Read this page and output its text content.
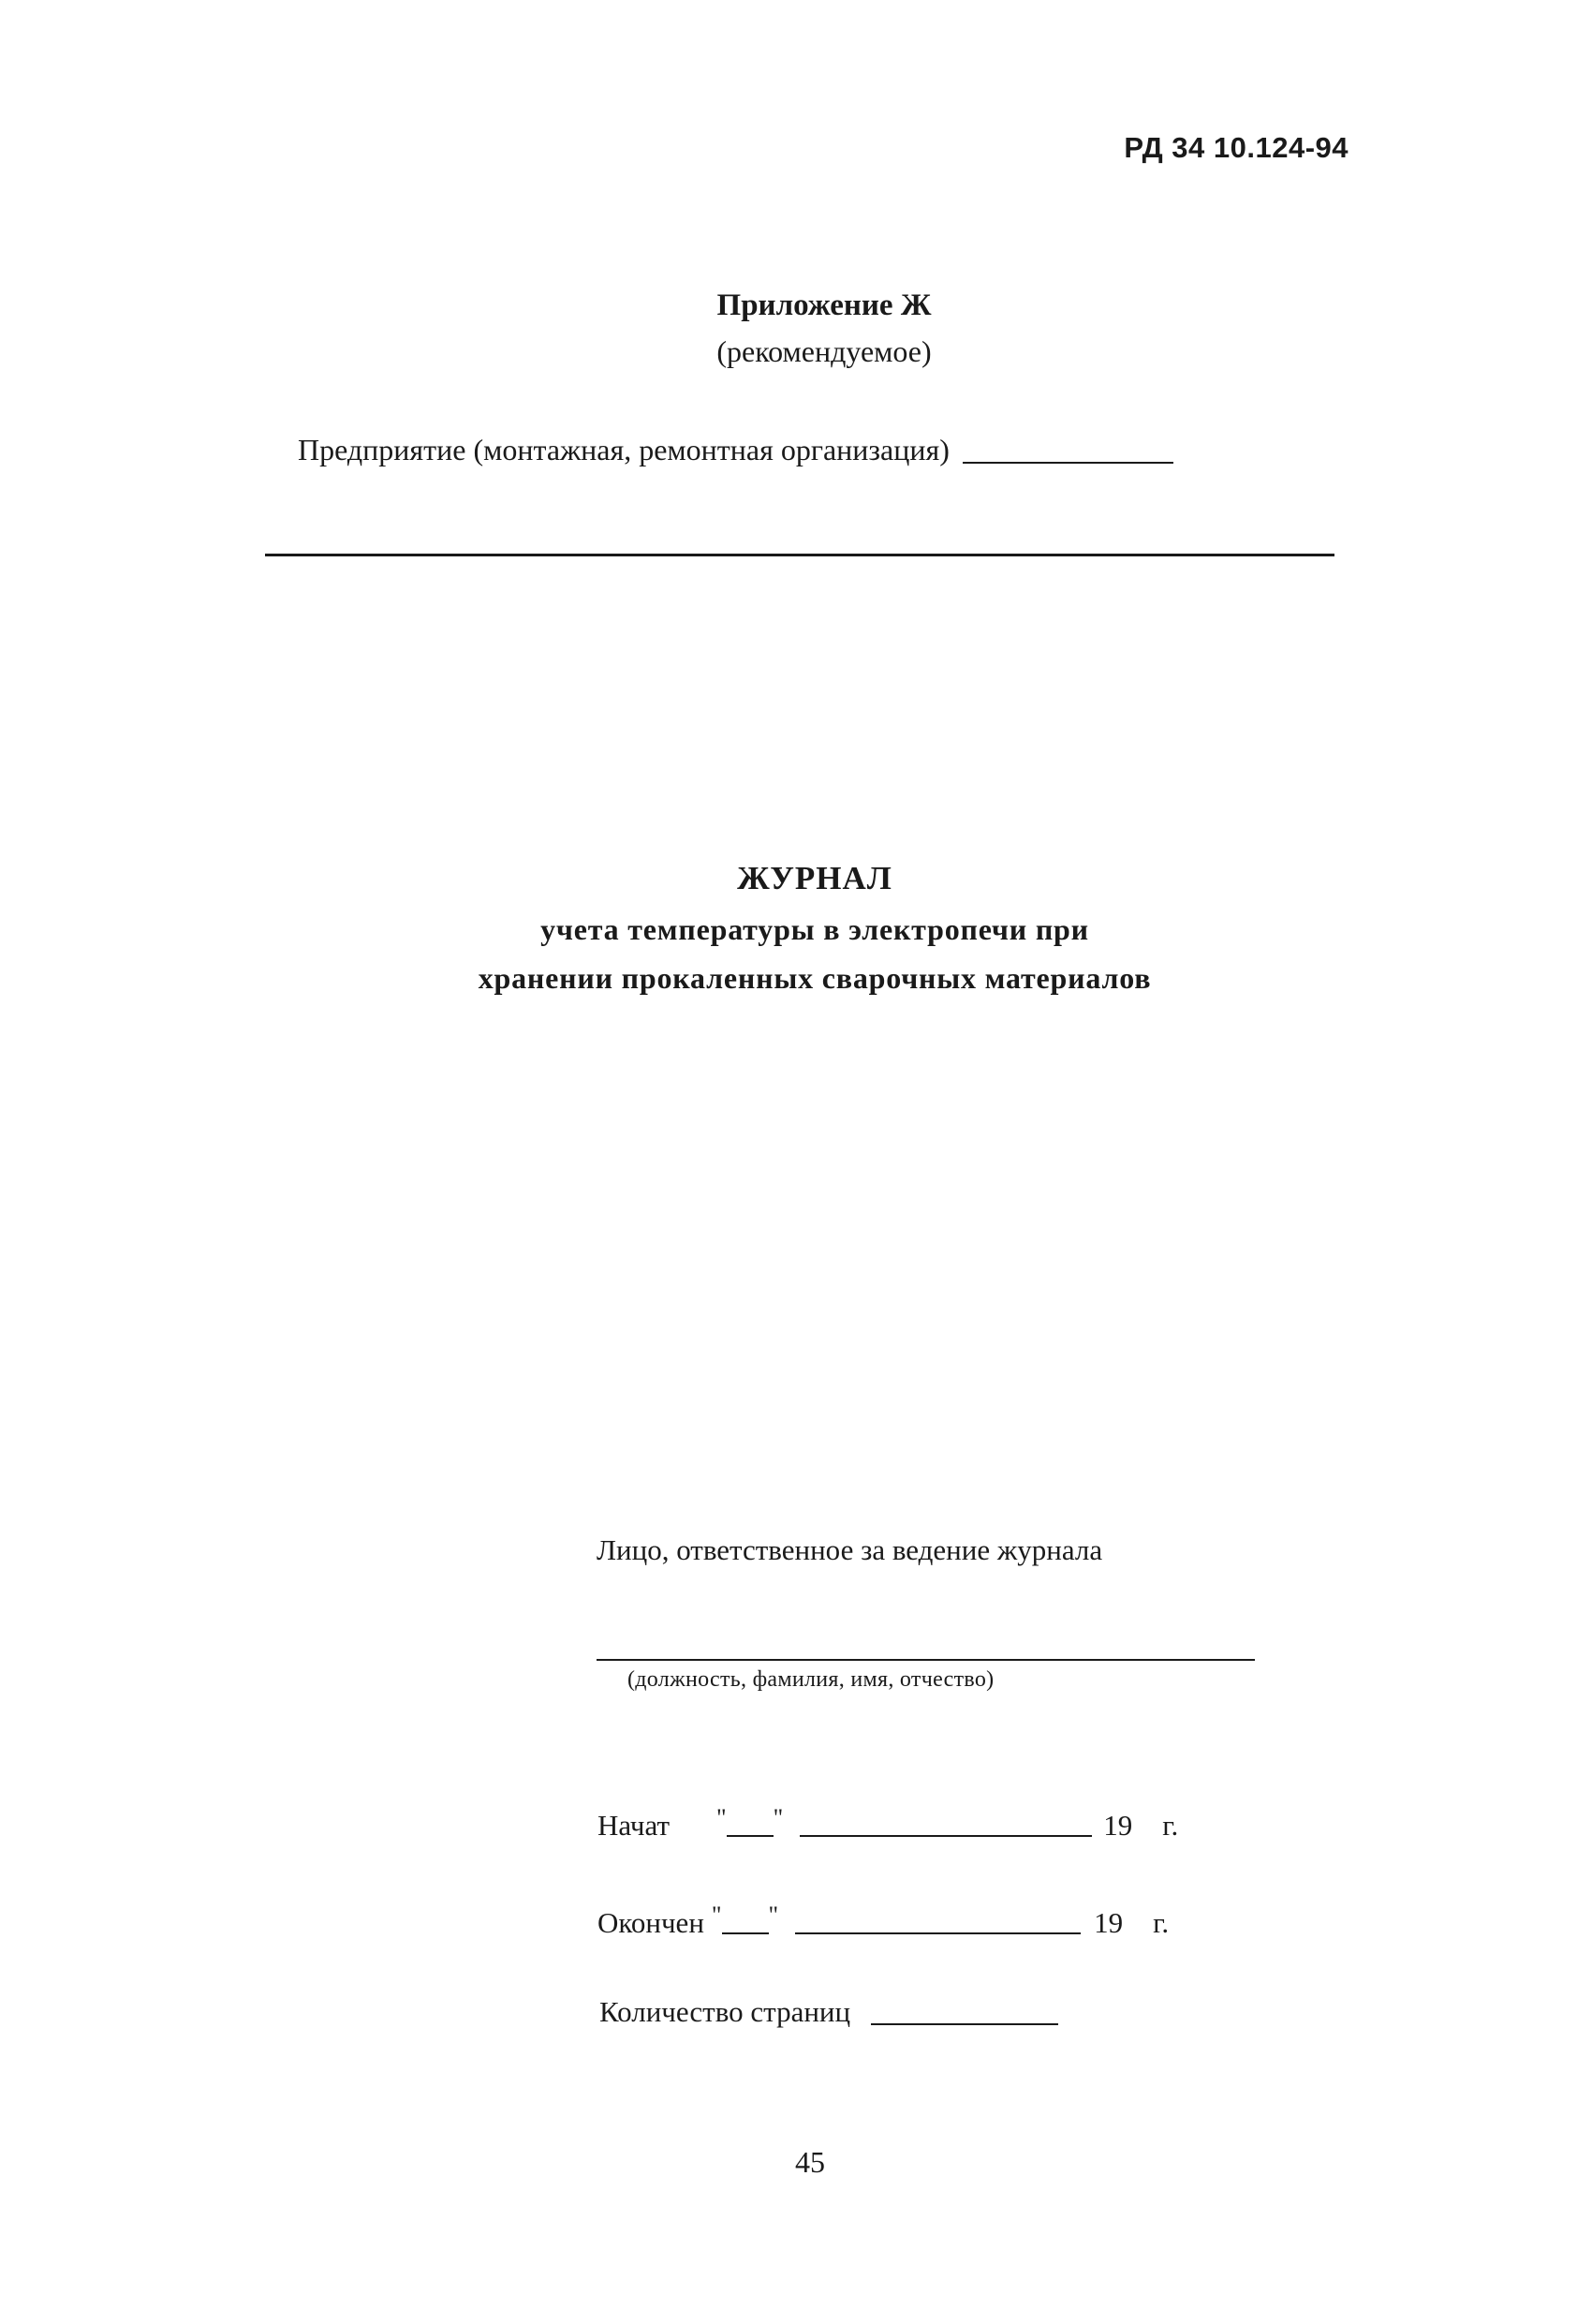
РД 34 10.124-94
Приложение Ж
(рекомендуемое)
Предприятие (монтажная, ремонтная организация)
ЖУРНАЛ
учета температуры в электропечи при
хранении прокаленных сварочных материалов
Лицо, ответственное за ведение журнала
(должность, фамилия, имя, отчество)
Начат " "	19 г.
Окончен " "	19 г.
Количество страниц
45
